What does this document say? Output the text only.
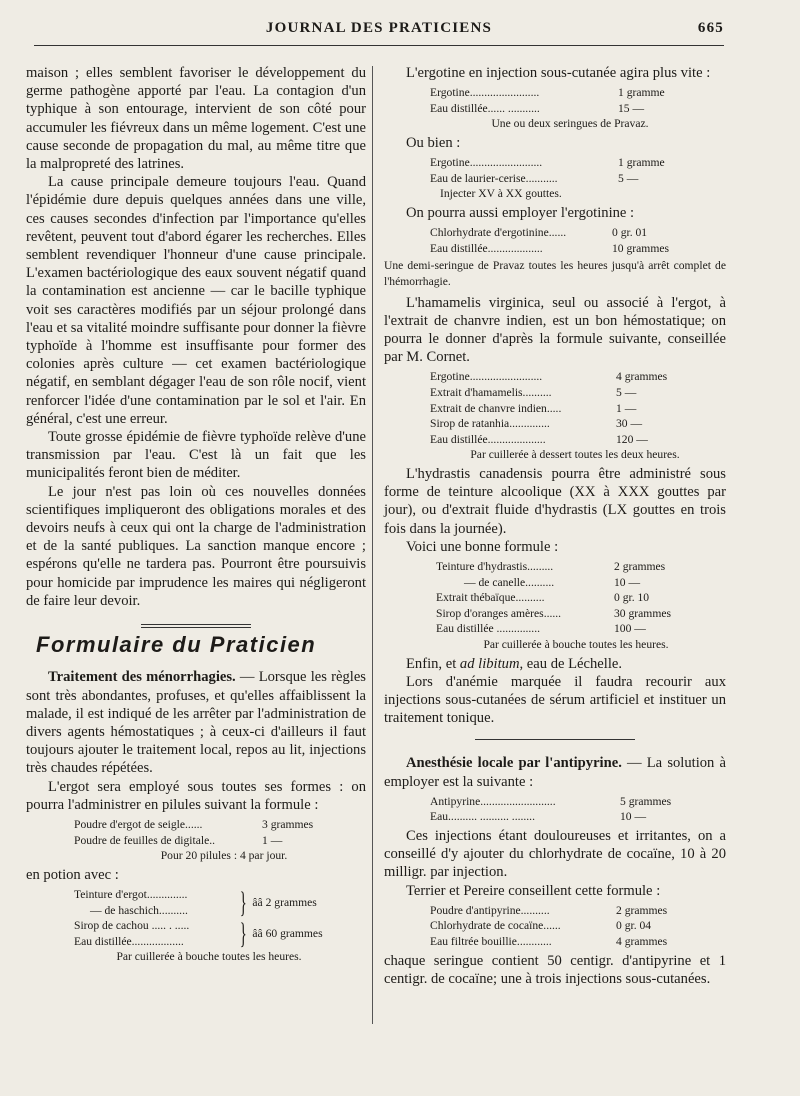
JOURNAL DES PRATICIENS	665

maison ; elles semblent favoriser le développement du germe pathogène apporté par l'eau. La contagion d'un typhique à son entourage, intervient de son côté pour accumuler les fiévreux dans un même logement. C'est une cause seconde de propagation du mal, au même titre que la malpropreté des latrines.

La cause principale demeure toujours l'eau. Quand l'épidémie dure depuis quelques années dans une ville, ces causes secondes d'infection par l'importance qu'elles revêtent, peuvent tout d'abord égarer les recherches. Elles semblent revendiquer l'honneur d'une cause principale. L'examen bactériologique des eaux souvent négatif quand la contamination est ancienne — car le bacille typhique voit ses caractères modifiés par un séjour prolongé dans l'eau et sa vitalité moindre suffisante pour donner la fièvre typhoïde à l'homme est insuffisante pour former des colonies après culture — cet examen bactériologique négatif, en semblant dégager l'eau de son rôle nocif, vient renforcer l'idée d'une contamination par le sol et l'air. En général, c'est une erreur.

Toute grosse épidémie de fièvre typhoïde relève d'une transmission par l'eau. C'est là un fait que les municipalités feront bien de méditer.

Le jour n'est pas loin où ces nouvelles données scientifiques impliqueront des obligations morales et des devoirs neufs à ceux qui ont la charge de l'administration et de la santé publiques. La sanction manque encore ; espérons qu'elle ne tardera pas. Pourront être poursuivis pour homicide par imprudence les maires qui négligeront de faire leur devoir.

Formulaire du Praticien

Traitement des ménorrhagies. — Lorsque les règles sont très abondantes, profuses, et qu'elles affaiblissent la malade, il est indiqué de les arrêter par l'administration de divers agents hémostatiques ; à ceux-ci d'ailleurs il faut toujours ajouter le traitement local, repos au lit, injections très chaudes répétées.

L'ergot sera employé sous toutes ses formes : on pourra l'administrer en pilules suivant la formule :

Poudre d'ergot de seigle......	3 grammes
Poudre de feuilles de digitale..	1 —
Pour 20 pilules : 4 par jour.

en potion avec :

Teinture d'ergot..............
— de haschich..........	} ââ 2 grammes
Sirop de cachou ..... . .....
Eau distillée..................	} ââ 60 grammes
Par cuillerée à bouche toutes les heures.

L'ergotine en injection sous-cutanée agira plus vite :

Ergotine........................	1 gramme
Eau distillée...... ...........	15 —
Une ou deux seringues de Pravaz.

Ou bien :

Ergotine.........................	1 gramme
Eau de laurier-cerise...........	5 —
Injecter XV à XX gouttes.

On pourra aussi employer l'ergotinine :

Chlorhydrate d'ergotinine......	0 gr. 01
Eau distillée...................	10 grammes

Une demi-seringue de Pravaz toutes les heures jusqu'à arrêt complet de l'hémorrhagie.

L'hamamelis virginica, seul ou associé à l'ergot, à l'extrait de chanvre indien, est un bon hémostatique; on pourra le donner d'après la formule suivante, conseillée par M. Cornet.

Ergotine.........................	4 grammes
Extrait d'hamamelis..........	5 —
Extrait de chanvre indien.....	1 —
Sirop de ratanhia..............	30 —
Eau distillée....................	120 —
Par cuillerée à dessert toutes les deux heures.

L'hydrastis canadensis pourra être administré sous forme de teinture alcoolique (XX à XXX gouttes par jour), ou d'extrait fluide d'hydrastis (LX gouttes en trois fois dans la journée).

Voici une bonne formule :

Teinture d'hydrastis.........	2 grammes
— de canelle..........	10 —
Extrait thébaïque..........	0 gr. 10
Sirop d'oranges amères......	30 grammes
Eau distillée ...............	100 —
Par cuillerée à bouche toutes les heures.

Enfin, et ad libitum, eau de Léchelle.

Lors d'anémie marquée il faudra recourir aux injections sous-cutanées de sérum artificiel et instituer un traitement tonique.

Anesthésie locale par l'antipyrine. — La solution à employer est la suivante :

Antipyrine..........................	5 grammes
Eau.......... .......... ........	10 —

Ces injections étant douloureuses et irritantes, on a conseillé d'y ajouter du chlorhydrate de cocaïne, 10 à 20 milligr. par injection.

Terrier et Pereire conseillent cette formule :

Poudre d'antipyrine..........	2 grammes
Chlorhydrate de cocaïne......	0 gr. 04
Eau filtrée bouillie............	4 grammes

chaque seringue contient 50 centigr. d'antipyrine et 1 centigr. de cocaïne; une à trois injections sous-cutanées.
